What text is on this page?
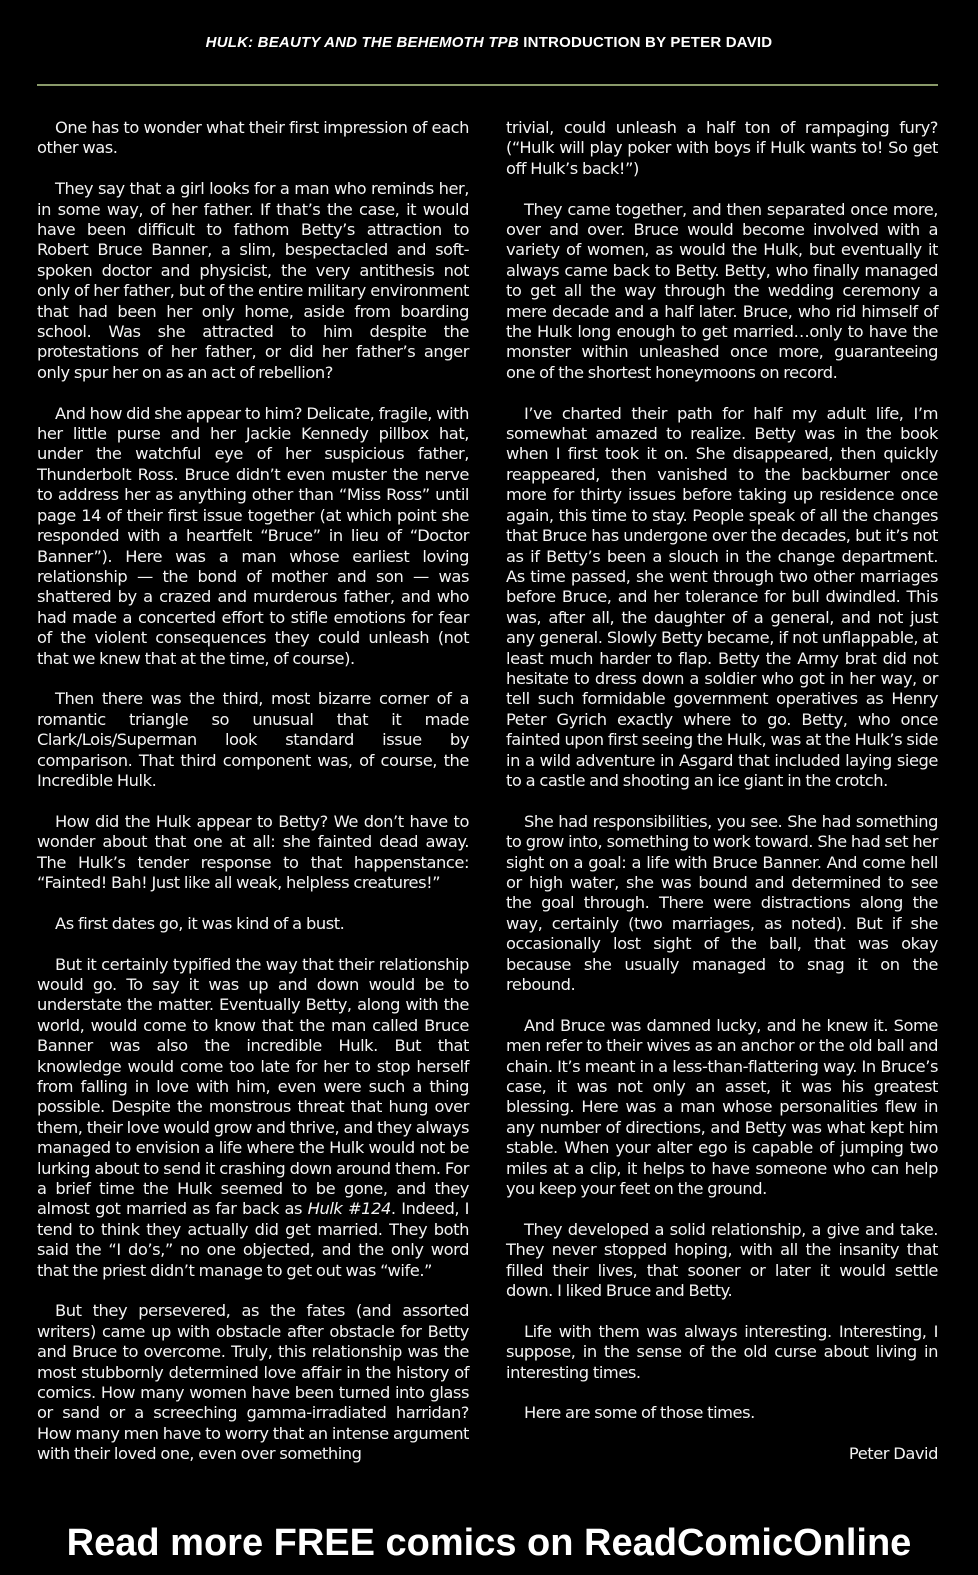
HULK: BEAUTY AND THE BEHEMOTH TPB INTRODUCTION BY PETER DAVID

One has to wonder what their first impression of each other was.

They say that a girl looks for a man who reminds her, in some way, of her father. If that’s the case, it would have been difficult to fathom Betty’s attraction to Robert Bruce Banner, a slim, bespectacled and soft-spoken doctor and physicist, the very antithesis not only of her father, but of the entire military environment that had been her only home, aside from boarding school. Was she attracted to him despite the protestations of her father, or did her father’s anger only spur her on as an act of rebellion?

And how did she appear to him? Delicate, fragile, with her little purse and her Jackie Kennedy pillbox hat, under the watchful eye of her suspicious father, Thunderbolt Ross. Bruce didn’t even muster the nerve to address her as anything other than “Miss Ross” until page 14 of their first issue together (at which point she responded with a heartfelt “Bruce” in lieu of “Doctor Banner”). Here was a man whose earliest loving relationship — the bond of mother and son — was shattered by a crazed and murderous father, and who had made a concerted effort to stifle emotions for fear of the violent consequences they could unleash (not that we knew that at the time, of course).

Then there was the third, most bizarre corner of a romantic triangle so unusual that it made Clark/Lois/Superman look standard issue by comparison. That third component was, of course, the Incredible Hulk.

How did the Hulk appear to Betty? We don’t have to wonder about that one at all: she fainted dead away. The Hulk’s tender response to that happenstance: “Fainted! Bah! Just like all weak, helpless creatures!”

As first dates go, it was kind of a bust.

But it certainly typified the way that their relationship would go. To say it was up and down would be to understate the matter. Eventually Betty, along with the world, would come to know that the man called Bruce Banner was also the incredible Hulk. But that knowledge would come too late for her to stop herself from falling in love with him, even were such a thing possible. Despite the monstrous threat that hung over them, their love would grow and thrive, and they always managed to envision a life where the Hulk would not be lurking about to send it crashing down around them. For a brief time the Hulk seemed to be gone, and they almost got married as far back as Hulk #124. Indeed, I tend to think they actually did get married. They both said the “I do’s,” no one objected, and the only word that the priest didn’t manage to get out was “wife.”

But they persevered, as the fates (and assorted writers) came up with obstacle after obstacle for Betty and Bruce to overcome. Truly, this relationship was the most stubbornly determined love affair in the history of comics. How many women have been turned into glass or sand or a screeching gamma-irradiated harridan? How many men have to worry that an intense argument with their loved one, even over something

trivial, could unleash a half ton of rampaging fury? (“Hulk will play poker with boys if Hulk wants to! So get off Hulk’s back!”)

They came together, and then separated once more, over and over. Bruce would become involved with a variety of women, as would the Hulk, but eventually it always came back to Betty. Betty, who finally managed to get all the way through the wedding ceremony a mere decade and a half later. Bruce, who rid himself of the Hulk long enough to get married…only to have the monster within unleashed once more, guaranteeing one of the shortest honeymoons on record.

I’ve charted their path for half my adult life, I’m somewhat amazed to realize. Betty was in the book when I first took it on. She disappeared, then quickly reappeared, then vanished to the backburner once more for thirty issues before taking up residence once again, this time to stay. People speak of all the changes that Bruce has undergone over the decades, but it’s not as if Betty’s been a slouch in the change department. As time passed, she went through two other marriages before Bruce, and her tolerance for bull dwindled. This was, after all, the daughter of a general, and not just any general. Slowly Betty became, if not unflappable, at least much harder to flap. Betty the Army brat did not hesitate to dress down a soldier who got in her way, or tell such formidable government operatives as Henry Peter Gyrich exactly where to go. Betty, who once fainted upon first seeing the Hulk, was at the Hulk’s side in a wild adventure in Asgard that included laying siege to a castle and shooting an ice giant in the crotch.

She had responsibilities, you see. She had something to grow into, something to work toward. She had set her sight on a goal: a life with Bruce Banner. And come hell or high water, she was bound and determined to see the goal through. There were distractions along the way, certainly (two marriages, as noted). But if she occasionally lost sight of the ball, that was okay because she usually managed to snag it on the rebound.

And Bruce was damned lucky, and he knew it. Some men refer to their wives as an anchor or the old ball and chain. It’s meant in a less-than-flattering way. In Bruce’s case, it was not only an asset, it was his greatest blessing. Here was a man whose personalities flew in any number of directions, and Betty was what kept him stable. When your alter ego is capable of jumping two miles at a clip, it helps to have someone who can help you keep your feet on the ground.

They developed a solid relationship, a give and take. They never stopped hoping, with all the insanity that filled their lives, that sooner or later it would settle down. I liked Bruce and Betty.

Life with them was always interesting. Interesting, I suppose, in the sense of the old curse about living in interesting times.

Here are some of those times.

Peter David

Read more FREE comics on ReadComicOnline
